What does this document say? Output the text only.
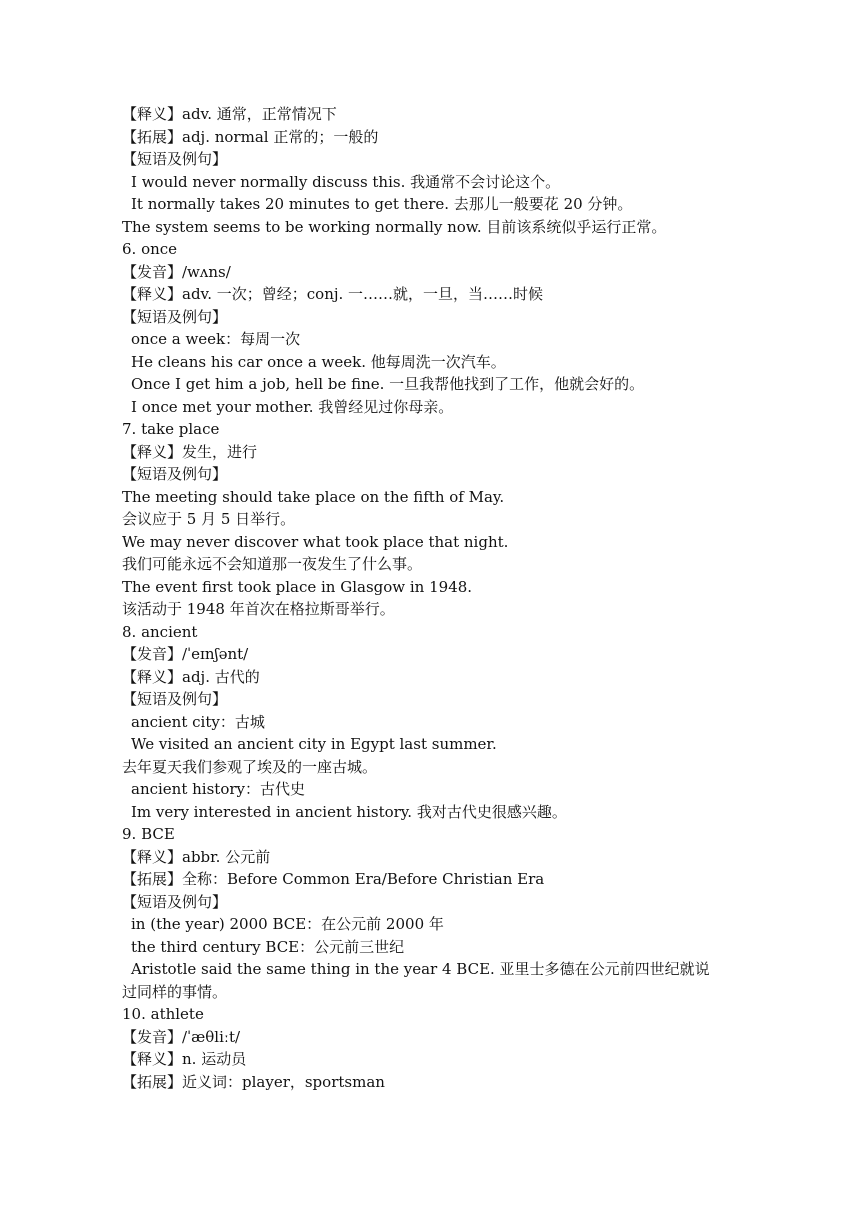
【释义】adv. 通常，正常情况下
【拓展】adj. normal 正常的；一般的
【短语及例句】
I would never normally discuss this. 我通常不会讨论这个。
It normally takes 20 minutes to get there. 去那儿一般要花 20 分钟。
The system seems to be working normally now. 目前该系统似乎运行正常。
6. once
【发音】/wʌns/
【释义】adv. 一次；曾经；conj. 一……就，一旦，当……时候
【短语及例句】
once a week：每周一次
He cleans his car once a week. 他每周洗一次汽车。
Once I get him a job, hell be fine. 一旦我帮他找到了工作，他就会好的。
I once met your mother. 我曾经见过你母亲。
7. take place
【释义】发生，进行
【短语及例句】
The meeting should take place on the fifth of May.
会议应于 5 月 5 日举行。
We may never discover what took place that night.
我们可能永远不会知道那一夜发生了什么事。
The event first took place in Glasgow in 1948.
该活动于 1948 年首次在格拉斯哥举行。
8. ancient
【发音】/ˈeɪnʃənt/
【释义】adj. 古代的
【短语及例句】
ancient city：古城
We visited an ancient city in Egypt last summer.
去年夏天我们参观了埃及的一座古城。
ancient history：古代史
Im very interested in ancient history. 我对古代史很感兴趣。
9. BCE
【释义】abbr. 公元前
【拓展】全称：Before Common Era/Before Christian Era
【短语及例句】
in (the year) 2000 BCE：在公元前 2000 年
the third century BCE：公元前三世纪
Aristotle said the same thing in the year 4 BCE. 亚里士多德在公元前四世纪就说
过同样的事情。
10. athlete
【发音】/ˈæθliːt/
【释义】n. 运动员
【拓展】近义词：player，sportsman
